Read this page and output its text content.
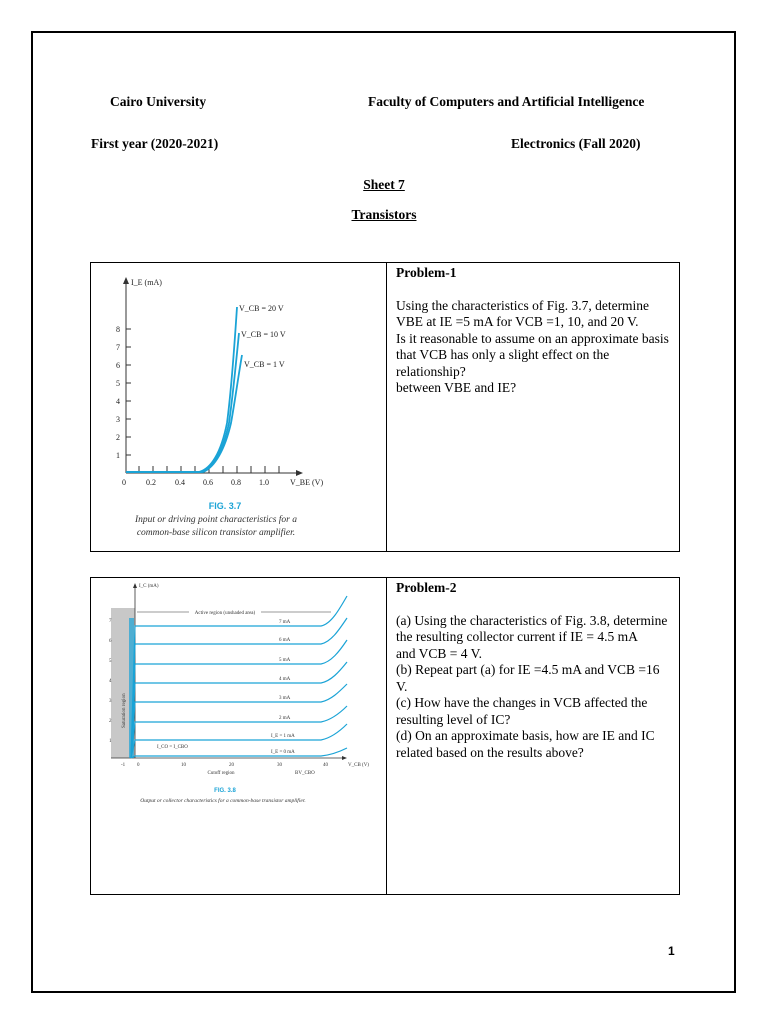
Cairo University	Faculty of Computers and Artificial Intelligence
First year (2020-2021)	Electronics (Fall 2020)
Sheet 7
Transistors
I_E (mA)
V_BE (V)
1
2
3
4
5
6
7
8
0	0.2 0.4 0.6 0.8 1.0
V_CB = 20 V
V_CB = 10 V
V_CB = 1 V
FIG. 3.7
Input or driving point characteristics for a
common-base silicon transistor amplifier.
Problem-1
Using the characteristics of Fig. 3.7, determine VBE at IE =5 mA for VCB =1, 10, and 20 V.
Is it reasonable to assume on an approximate basis that VCB has only a slight effect on the relationship?
between VBE and IE?
I_C (mA)
V_CB (V)
Active region (unshaded area)
Saturation region
1
2
3
4
5
6
7	7 mA
6 mA
5 mA
4 mA
3 mA
2 mA
I_E = 1 mA
I_E = 0 mA
I_CO = I_CBO
-1 0	10	20	30	40
BV_CBO
Cutoff region
FIG. 3.8
Output or collector characteristics for a common-base transistor amplifier.
Problem-2
(a) Using the characteristics of Fig. 3.8, determine the resulting collector current if IE = 4.5 mA
and VCB = 4 V.
(b) Repeat part (a) for IE =4.5 mA and VCB =16 V.
(c) How have the changes in VCB affected the resulting level of IC?
(d) On an approximate basis, how are IE and IC related based on the results above?
1
